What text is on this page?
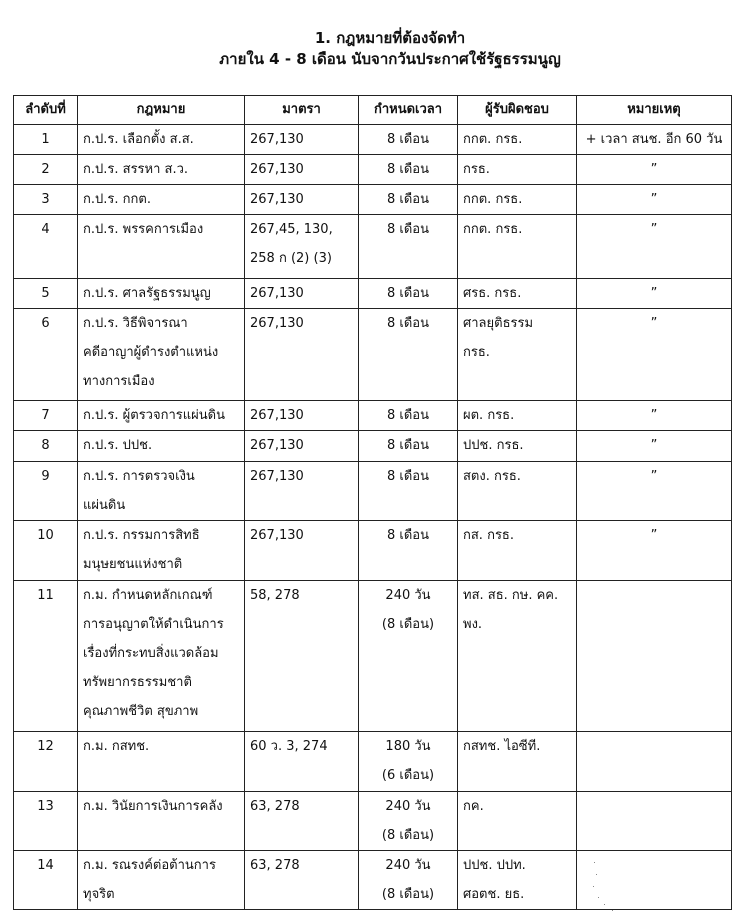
1. กฎหมายที่ต้องจัดทำ
ภายใน 4 - 8 เดือน นับจากวันประกาศใช้รัฐธรรมนูญ
ลำดับที่	กฎหมาย	มาตรา	กำหนดเวลา	ผู้รับผิดชอบ	หมายเหตุ
1	ก.ป.ร. เลือกตั้ง ส.ส.	267,130	8 เดือน	กกต. กรธ.	+ เวลา สนช. อีก 60 วัน

2	ก.ป.ร. สรรหา ส.ว.	267,130	8 เดือน	กรธ.	”

3	ก.ป.ร. กกต.	267,130	8 เดือน	กกต. กรธ.	”

4	ก.ป.ร. พรรคการเมือง	267,45, 130,
258 ก (2) (3)	8 เดือน	กกต. กรธ.	”

5	ก.ป.ร. ศาลรัฐธรรมนูญ	267,130	8 เดือน	ศรธ. กรธ.	”

6	ก.ป.ร. วิธีพิจารณา
คดีอาญาผู้ดำรงตำแหน่ง
ทางการเมือง	267,130	8 เดือน	ศาลยุติธรรม
กรธ.	”

7	ก.ป.ร. ผู้ตรวจการแผ่นดิน	267,130	8 เดือน	ผต. กรธ.	”

8	ก.ป.ร. ปปช.	267,130	8 เดือน	ปปช. กรธ.	”

9	ก.ป.ร. การตรวจเงิน
แผ่นดิน	267,130	8 เดือน	สตง. กรธ.	”

10	ก.ป.ร. กรรมการสิทธิ
มนุษยชนแห่งชาติ	267,130	8 เดือน	กส. กรธ.	”

11	ก.ม. กำหนดหลักเกณฑ์
การอนุญาตให้ดำเนินการ
เรื่องที่กระทบสิ่งแวดล้อม
ทรัพยากรธรรมชาติ
คุณภาพชีวิต สุขภาพ	58, 278	240 วัน
(8 เดือน)	ทส. สธ. กษ. คค.
พง.	

12	ก.ม. กสทช.	60 ว. 3, 274	180 วัน
(6 เดือน)	กสทช. ไอซีที.	

13	ก.ม. วินัยการเงินการคลัง	63, 278	240 วัน
(8 เดือน)	กค.	

14	ก.ม. รณรงค์ต่อต้านการ
ทุจริต	63, 278	240 วัน
(8 เดือน)	ปปช. ปปท.
ศอตช. ยธ.	
